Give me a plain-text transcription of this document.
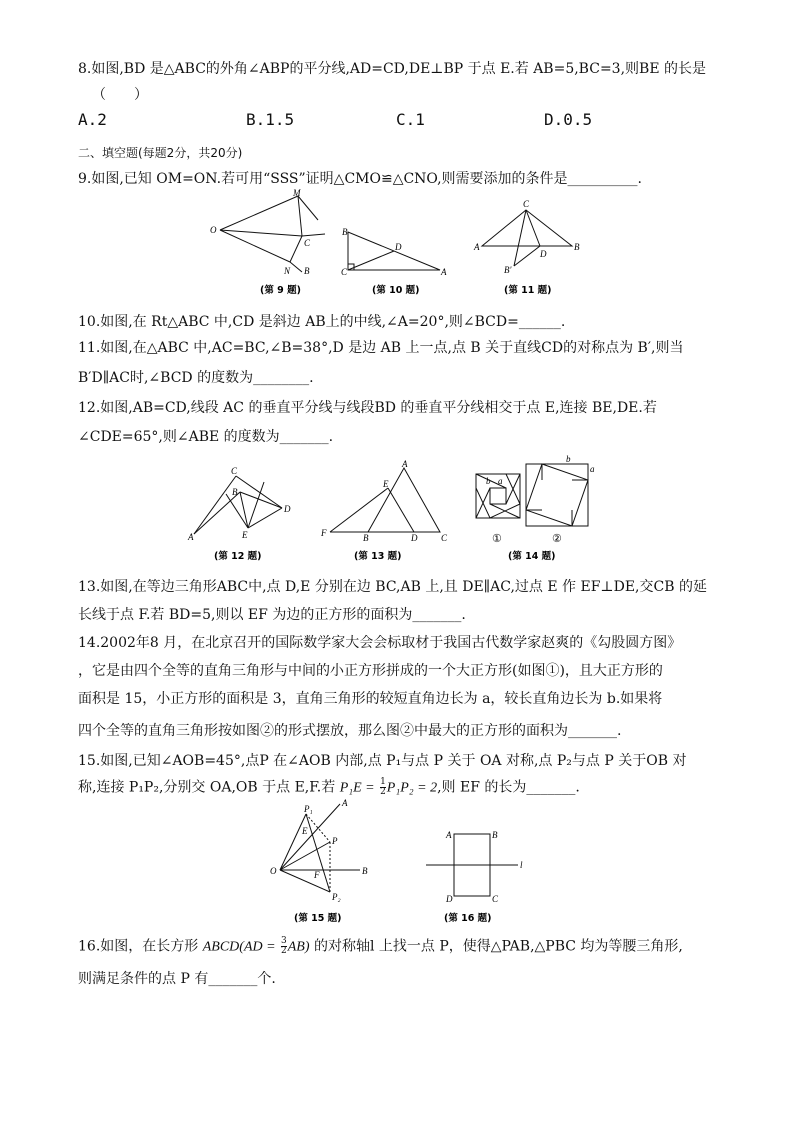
8.如图,BD 是△ABC的外角∠ABP的平分线,AD=CD,DE⊥BP 于点 E.若 AB=5,BC=3,则BE 的长是
（　　）
A.2	B.1.5	C.1	D.0.5
二、填空题(每题2分，共20分)
9.如图,已知 OM=ON.若可用“SSS”证明△CMO≌△CNO,则需要添加的条件是__________.
M
O
C
N B
(第 9 题)
B
D
C	A
(第 10 题)
C
A	B
D
B'
(第 11 题)
10.如图,在 Rt△ABC 中,CD 是斜边 AB上的中线,∠A=20°,则∠BCD=______.
11.如图,在△ABC 中,AC=BC,∠B=38°,D 是边 AB 上一点,点 B 关于直线CD的对称点为 B′,则当
B′D∥AC时,∠BCD 的度数为________.
12.如图,AB=CD,线段 AC 的垂直平分线与线段BD 的垂直平分线相交于点 E,连接 BE,DE.若
∠CDE=65°,则∠ABE 的度数为_______.
C
B
A	E
D
(第 12 题)
A
E
F	B	D	C
(第 13 题)
b a
①
b
a
②
(第 14 题)
13.如图,在等边三角形ABC中,点 D,E 分别在边 BC,AB 上,且 DE∥AC,过点 E 作 EF⊥DE,交CB 的延
长线于点 F.若 BD=5,则以 EF 为边的正方形的面积为_______.
14.2002年8 月，在北京召开的国际数学家大会会标取材于我国古代数学家赵爽的《勾股圆方图》
，它是由四个全等的直角三角形与中间的小正方形拼成的一个大正方形(如图①)，且大正方形的
面积是 15，小正方形的面积是 3，直角三角形的较短直角边长为 a，较长直角边长为 b.如果将
四个全等的直角三角形按如图②的形式摆放，那么图②中最大的正方形的面积为_______.
15.如图,已知∠AOB=45°,点P 在∠AOB 内部,点 P₁与点 P 关于 OA 对称,点 P₂与点 P 关于OB 对
称,连接 P₁P₂,分别交 OA,OB 于点 E,F.若 $P_1E = \frac{1}{2} P_1P_2 = 2$,则 EF 的长为_______.
A
P₁
E
P
O	F	B
P₂
(第 15 题)
A	B
l
D	C
(第 16 题)
16.如图，在长方形 ABCD(AD = $\frac{3}{2} AB$) 的对称轴l 上找一点 P，使得△PAB,△PBC 均为等腰三角形,
则满足条件的点 P 有_______个.
